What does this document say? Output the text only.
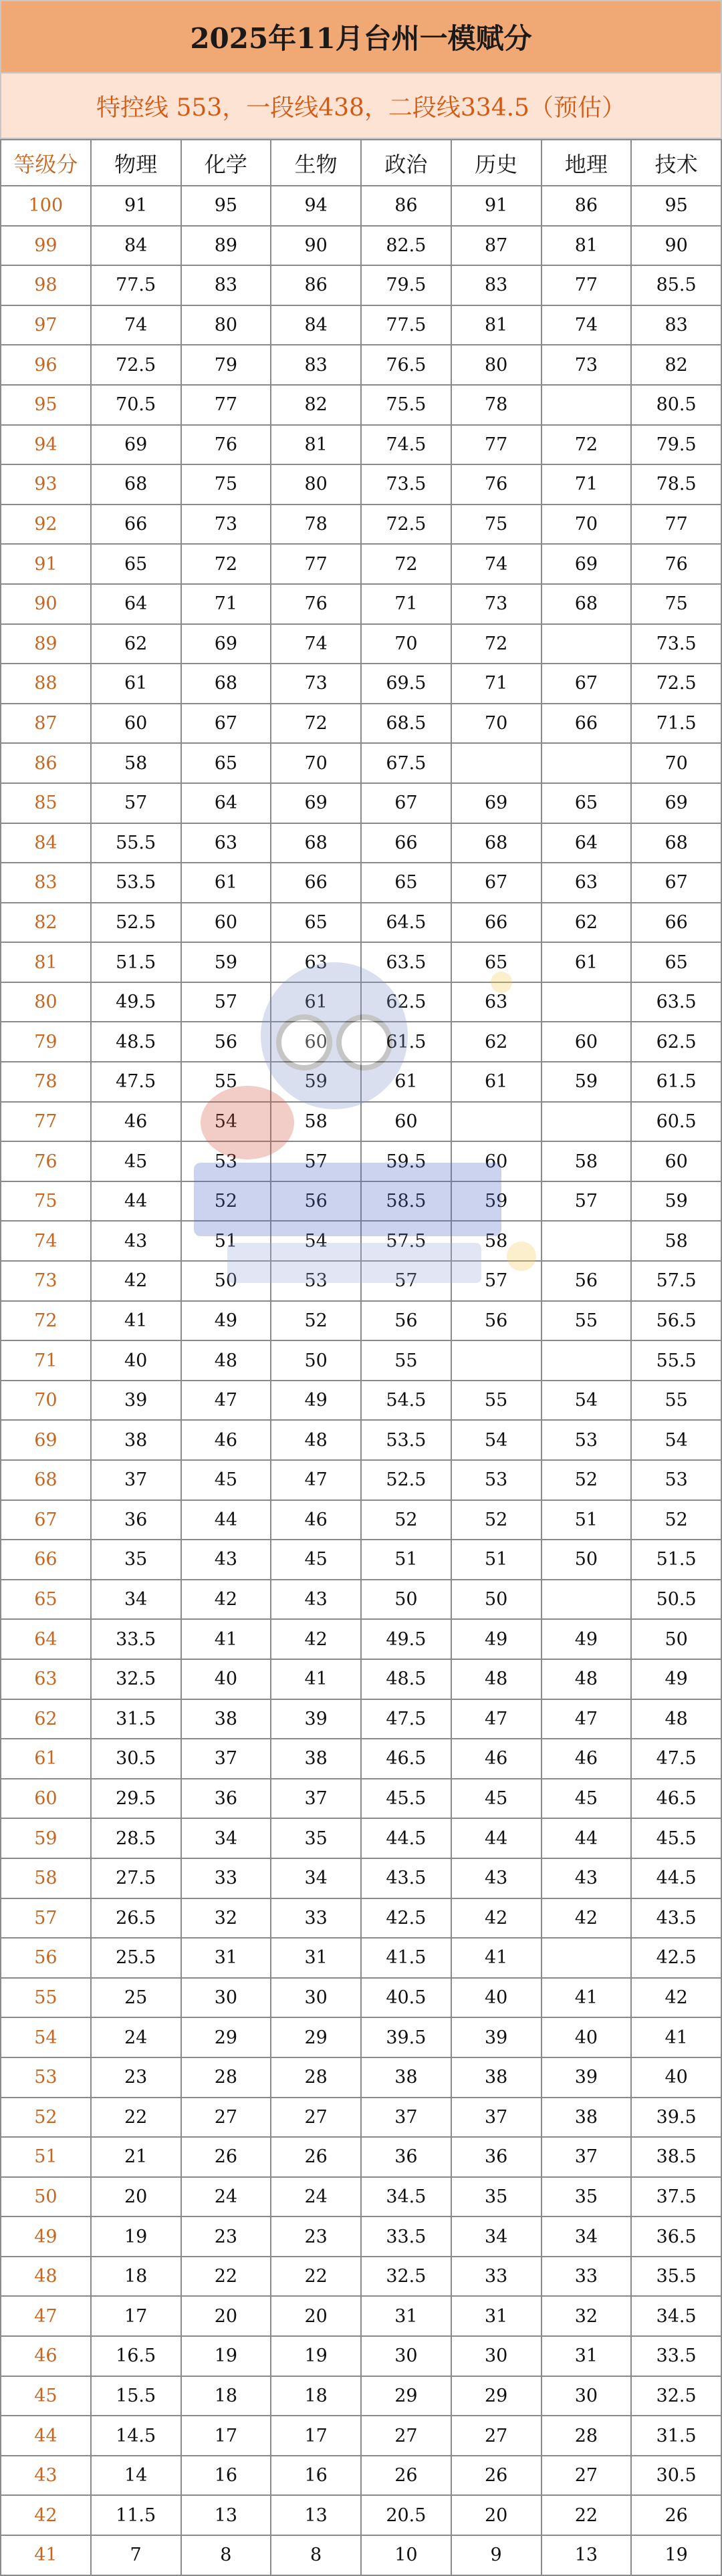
2025年11月台州一模赋分
特控线 553，一段线438，二段线334.5（预估）
等级分	物理	化学	生物	政治	历史	地理	技术
100	91	95	94	86	91	86	95
99	84	89	90	82.5	87	81	90
98	77.5	83	86	79.5	83	77	85.5
97	74	80	84	77.5	81	74	83
96	72.5	79	83	76.5	80	73	82
95	70.5	77	82	75.5	78		80.5
94	69	76	81	74.5	77	72	79.5
93	68	75	80	73.5	76	71	78.5
92	66	73	78	72.5	75	70	77
91	65	72	77	72	74	69	76
90	64	71	76	71	73	68	75
89	62	69	74	70	72		73.5
88	61	68	73	69.5	71	67	72.5
87	60	67	72	68.5	70	66	71.5
86	58	65	70	67.5			70
85	57	64	69	67	69	65	69
84	55.5	63	68	66	68	64	68
83	53.5	61	66	65	67	63	67
82	52.5	60	65	64.5	66	62	66
81	51.5	59	63	63.5	65	61	65
80	49.5	57	61	62.5	63		63.5
79	48.5	56	60	61.5	62	60	62.5
78	47.5	55	59	61	61	59	61.5
77	46	54	58	60			60.5
76	45	53	57	59.5	60	58	60
75	44	52	56	58.5	59	57	59
74	43	51	54	57.5	58		58
73	42	50	53	57	57	56	57.5
72	41	49	52	56	56	55	56.5
71	40	48	50	55			55.5
70	39	47	49	54.5	55	54	55
69	38	46	48	53.5	54	53	54
68	37	45	47	52.5	53	52	53
67	36	44	46	52	52	51	52
66	35	43	45	51	51	50	51.5
65	34	42	43	50	50		50.5
64	33.5	41	42	49.5	49	49	50
63	32.5	40	41	48.5	48	48	49
62	31.5	38	39	47.5	47	47	48
61	30.5	37	38	46.5	46	46	47.5
60	29.5	36	37	45.5	45	45	46.5
59	28.5	34	35	44.5	44	44	45.5
58	27.5	33	34	43.5	43	43	44.5
57	26.5	32	33	42.5	42	42	43.5
56	25.5	31	31	41.5	41		42.5
55	25	30	30	40.5	40	41	42
54	24	29	29	39.5	39	40	41
53	23	28	28	38	38	39	40
52	22	27	27	37	37	38	39.5
51	21	26	26	36	36	37	38.5
50	20	24	24	34.5	35	35	37.5
49	19	23	23	33.5	34	34	36.5
48	18	22	22	32.5	33	33	35.5
47	17	20	20	31	31	32	34.5
46	16.5	19	19	30	30	31	33.5
45	15.5	18	18	29	29	30	32.5
44	14.5	17	17	27	27	28	31.5
43	14	16	16	26	26	27	30.5
42	11.5	13	13	20.5	20	22	26
41	7	8	8	10	9	13	19
